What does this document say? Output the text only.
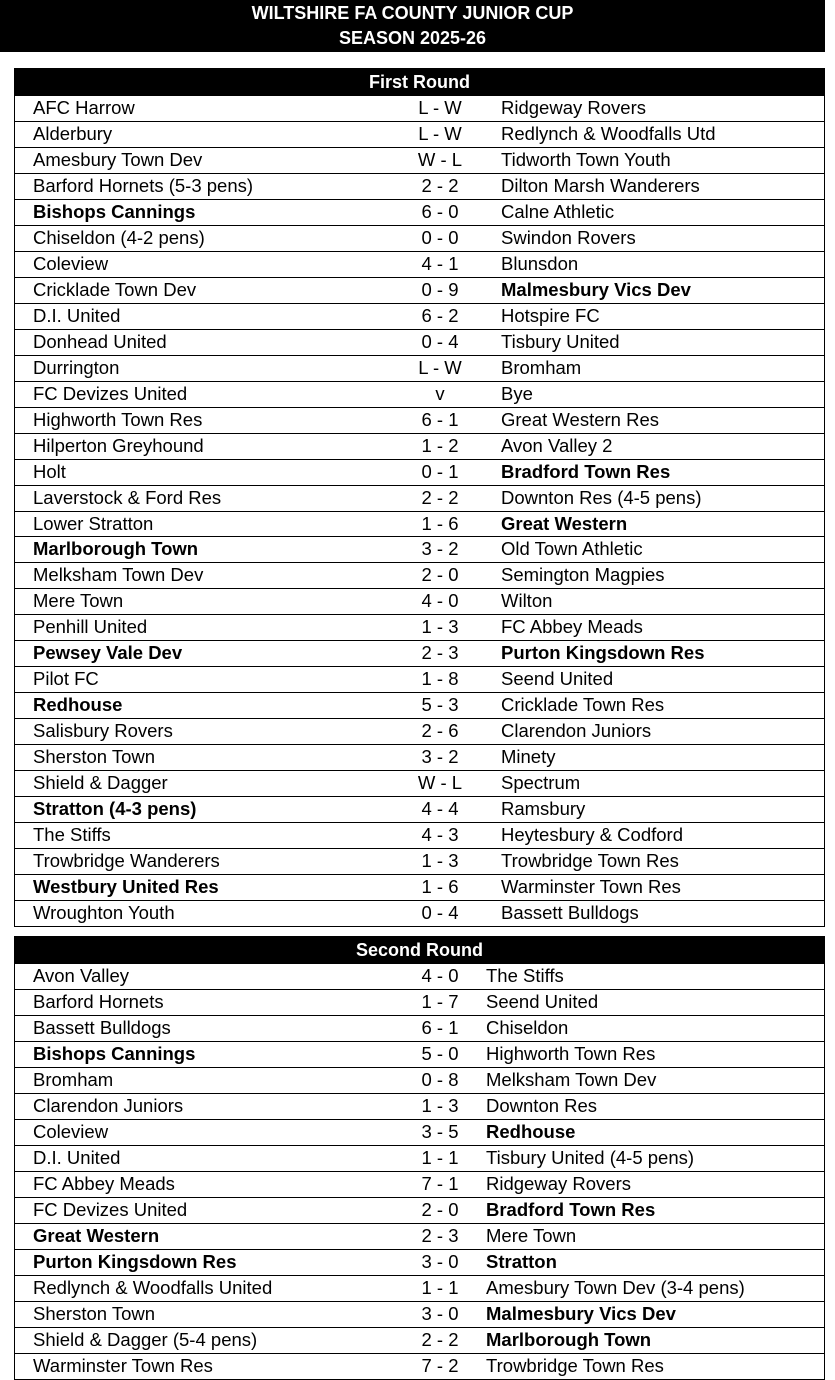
WILTSHIRE FA COUNTY JUNIOR CUP
SEASON 2025-26
First Round
AFC Harrow	L - W	Ridgeway Rovers
Alderbury	L - W	Redlynch & Woodfalls Utd
Amesbury Town Dev	W - L	Tidworth Town Youth
Barford Hornets (5-3 pens)	2 - 2	Dilton Marsh Wanderers
Bishops Cannings	6 - 0	Calne Athletic
Chiseldon (4-2 pens)	0 - 0	Swindon Rovers
Coleview	4 - 1	Blunsdon
Cricklade Town Dev	0 - 9	Malmesbury Vics Dev
D.I. United	6 - 2	Hotspire FC
Donhead United	0 - 4	Tisbury United
Durrington	L - W	Bromham
FC Devizes United	v	Bye
Highworth Town Res	6 - 1	Great Western Res
Hilperton Greyhound	1 - 2	Avon Valley 2
Holt	0 - 1	Bradford Town Res
Laverstock & Ford Res	2 - 2	Downton Res (4-5 pens)
Lower Stratton	1 - 6	Great Western
Marlborough Town	3 - 2	Old Town Athletic
Melksham Town Dev	2 - 0	Semington Magpies
Mere Town	4 - 0	Wilton
Penhill United	1 - 3	FC Abbey Meads
Pewsey Vale Dev	2 - 3	Purton Kingsdown Res
Pilot FC	1 - 8	Seend United
Redhouse	5 - 3	Cricklade Town Res
Salisbury Rovers	2 - 6	Clarendon Juniors
Sherston Town	3 - 2	Minety
Shield & Dagger	W - L	Spectrum
Stratton (4-3 pens)	4 - 4	Ramsbury
The Stiffs	4 - 3	Heytesbury & Codford
Trowbridge Wanderers	1 - 3	Trowbridge Town Res
Westbury United Res	1 - 6	Warminster Town Res
Wroughton Youth	0 - 4	Bassett Bulldogs
Second Round
Avon Valley	4 - 0	The Stiffs
Barford Hornets	1 - 7	Seend United
Bassett Bulldogs	6 - 1	Chiseldon
Bishops Cannings	5 - 0	Highworth Town Res
Bromham	0 - 8	Melksham Town Dev
Clarendon Juniors	1 - 3	Downton Res
Coleview	3 - 5	Redhouse
D.I. United	1 - 1	Tisbury United (4-5 pens)
FC Abbey Meads	7 - 1	Ridgeway Rovers
FC Devizes United	2 - 0	Bradford Town Res
Great Western	2 - 3	Mere Town
Purton Kingsdown Res	3 - 0	Stratton
Redlynch & Woodfalls United	1 - 1	Amesbury Town Dev (3-4 pens)
Sherston Town	3 - 0	Malmesbury Vics Dev
Shield & Dagger (5-4 pens)	2 - 2	Marlborough Town
Warminster Town Res	7 - 2	Trowbridge Town Res
